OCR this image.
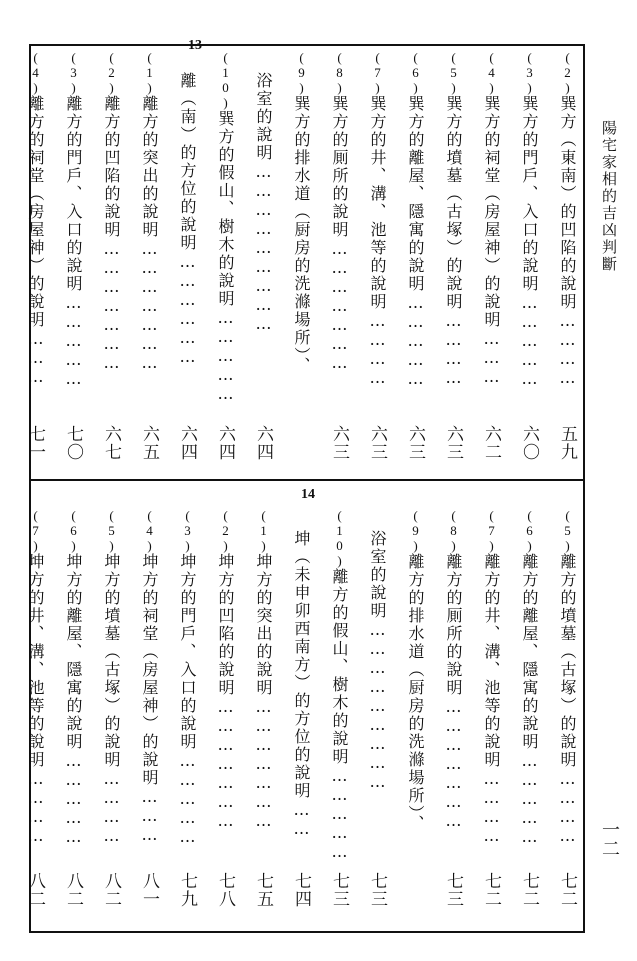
陽宅家相的吉凶判斷
一二
13
14
(2)巽方（東南）的凹陷的說明…………
五九
(3)巽方的門戶、入口的說明……………
六〇
(4)巽方的祠堂（房屋神）的說明………
六二
(5)巽方的墳墓（古塚）的說明…………
六三
(6)巽方的離屋、隱寓的說明……………
六三
(7)巽方的井、溝、池等的說明…………
六三
(8)巽方的厠所的說明…………………
六三
(9)巽方的排水道（厨房的洗滌場所）、
浴室的說明………………………
六四
(10)巽方的假山、樹木的說明……………
六四
離（南）的方位的說明………………
六四
(1)離方的突出的說明…………………
六五
(2)離方的凹陷的說明…………………
六七
(3)離方的門戶、入口的說明……………
七〇
(4)離方的祠堂（房屋神）的說明………
七一
(5)離方的墳墓（古塚）的說明…………
七二
(6)離方的離屋、隱寓的說明……………
七二
(7)離方的井、溝、池等的說明…………
七二
(8)離方的厠所的說明…………………
七三
(9)離方的排水道（厨房的洗滌場所）、
浴室的說明………………………
七三
(10)離方的假山、樹木的說明……………
七三
坤（未申卯西南方）的方位的說明……
七四
(1)坤方的突出的說明…………………
七五
(2)坤方的凹陷的說明…………………
七八
(3)坤方的門戶、入口的說明……………
七九
(4)坤方的祠堂（房屋神）的說明………
八一
(5)坤方的墳墓（古塚）的說明…………
八二
(6)坤方的離屋、隱寓的說明……………
八二
(7)坤方的井、溝、池等的說明…………
八二
